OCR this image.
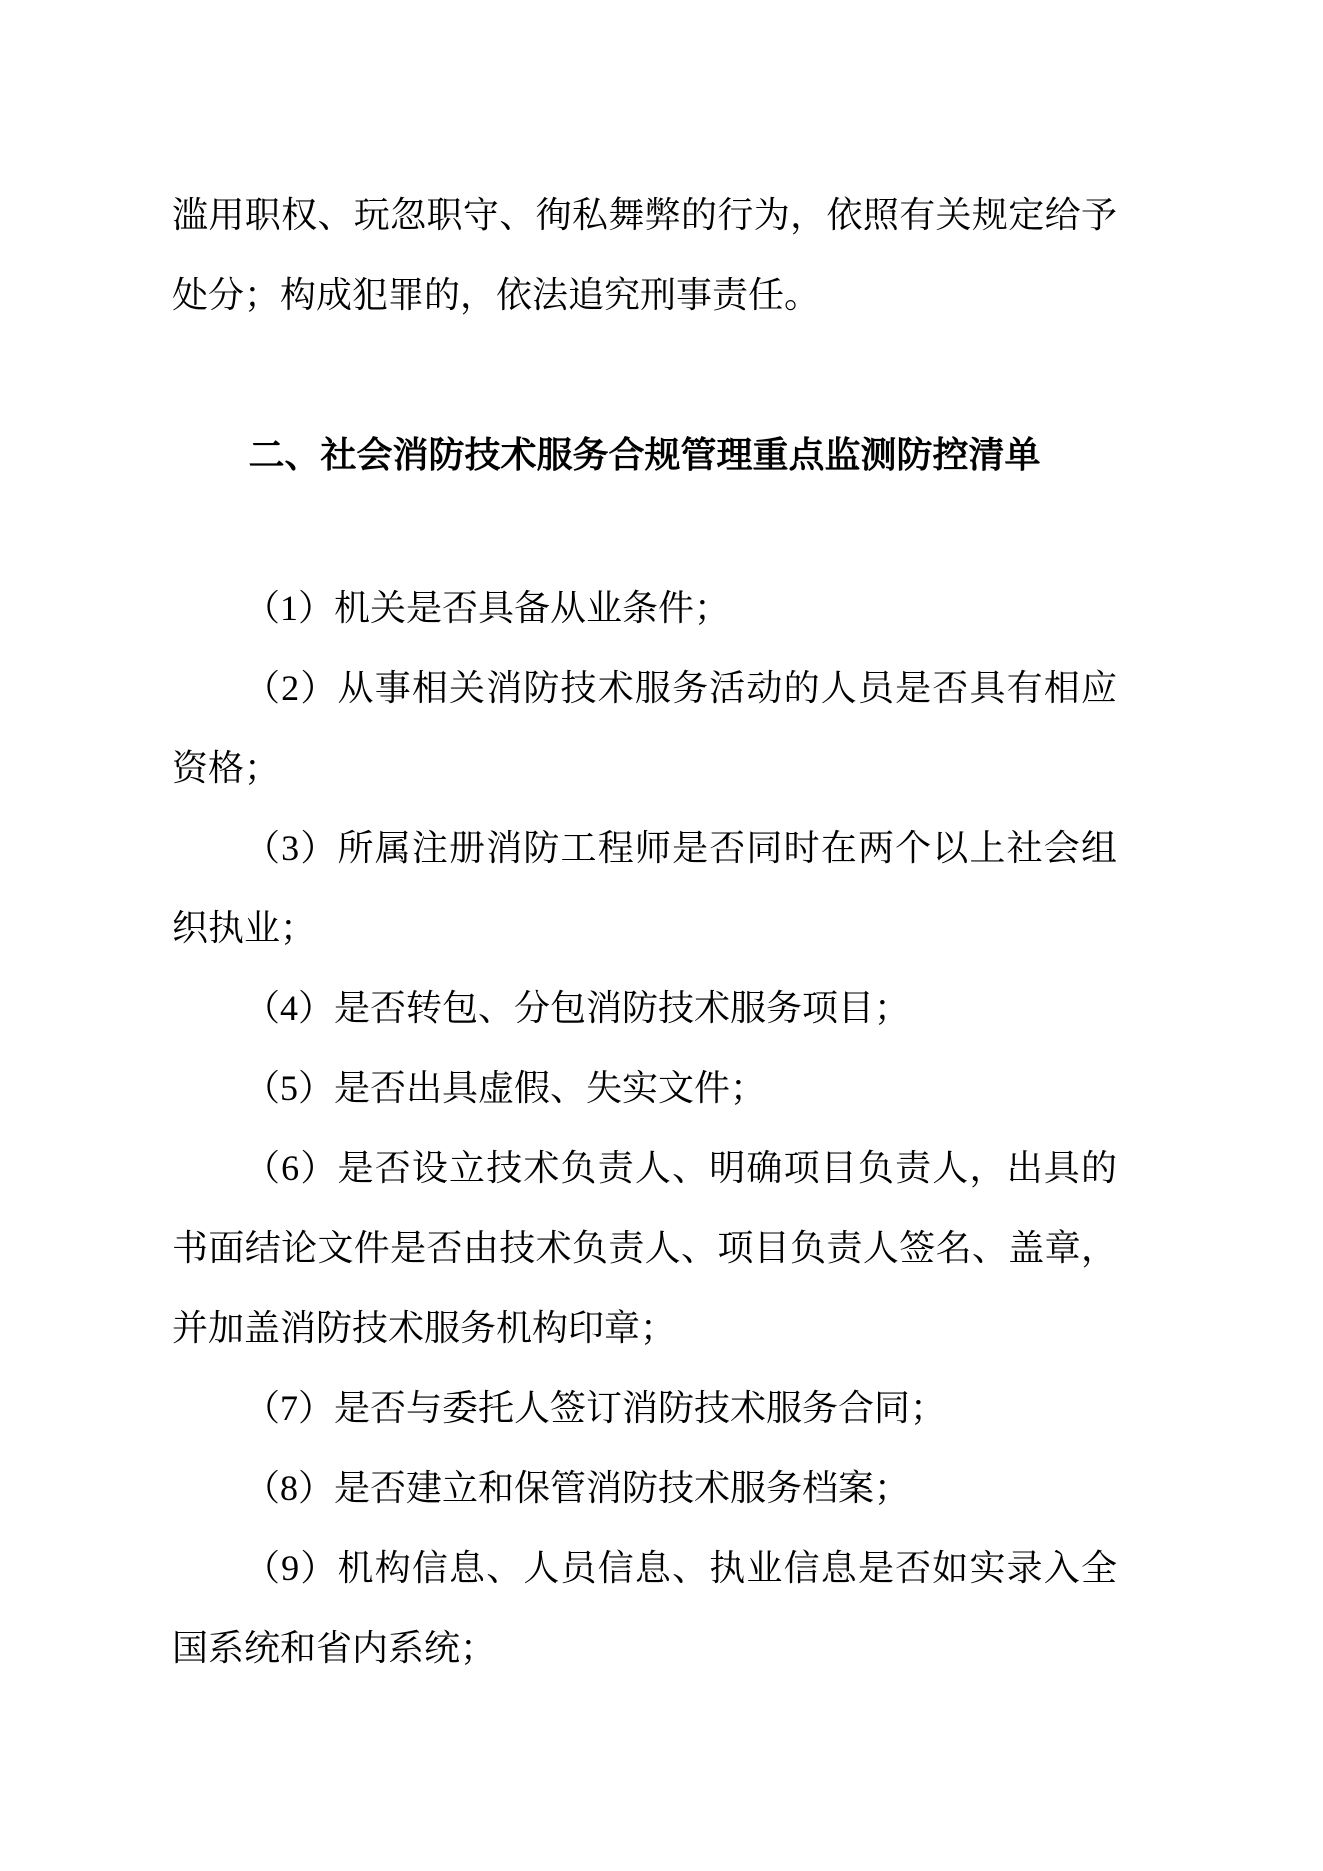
滥用职权、玩忽职守、徇私舞弊的行为，依照有关规定给予处分；构成犯罪的，依法追究刑事责任。

二、社会消防技术服务合规管理重点监测防控清单

（1）机关是否具备从业条件；

（2）从事相关消防技术服务活动的人员是否具有相应资格；

（3）所属注册消防工程师是否同时在两个以上社会组织执业；

（4）是否转包、分包消防技术服务项目；

（5）是否出具虚假、失实文件；

（6）是否设立技术负责人、明确项目负责人，出具的书面结论文件是否由技术负责人、项目负责人签名、盖章，并加盖消防技术服务机构印章；

（7）是否与委托人签订消防技术服务合同；

（8）是否建立和保管消防技术服务档案；

（9）机构信息、人员信息、执业信息是否如实录入全国系统和省内系统；
